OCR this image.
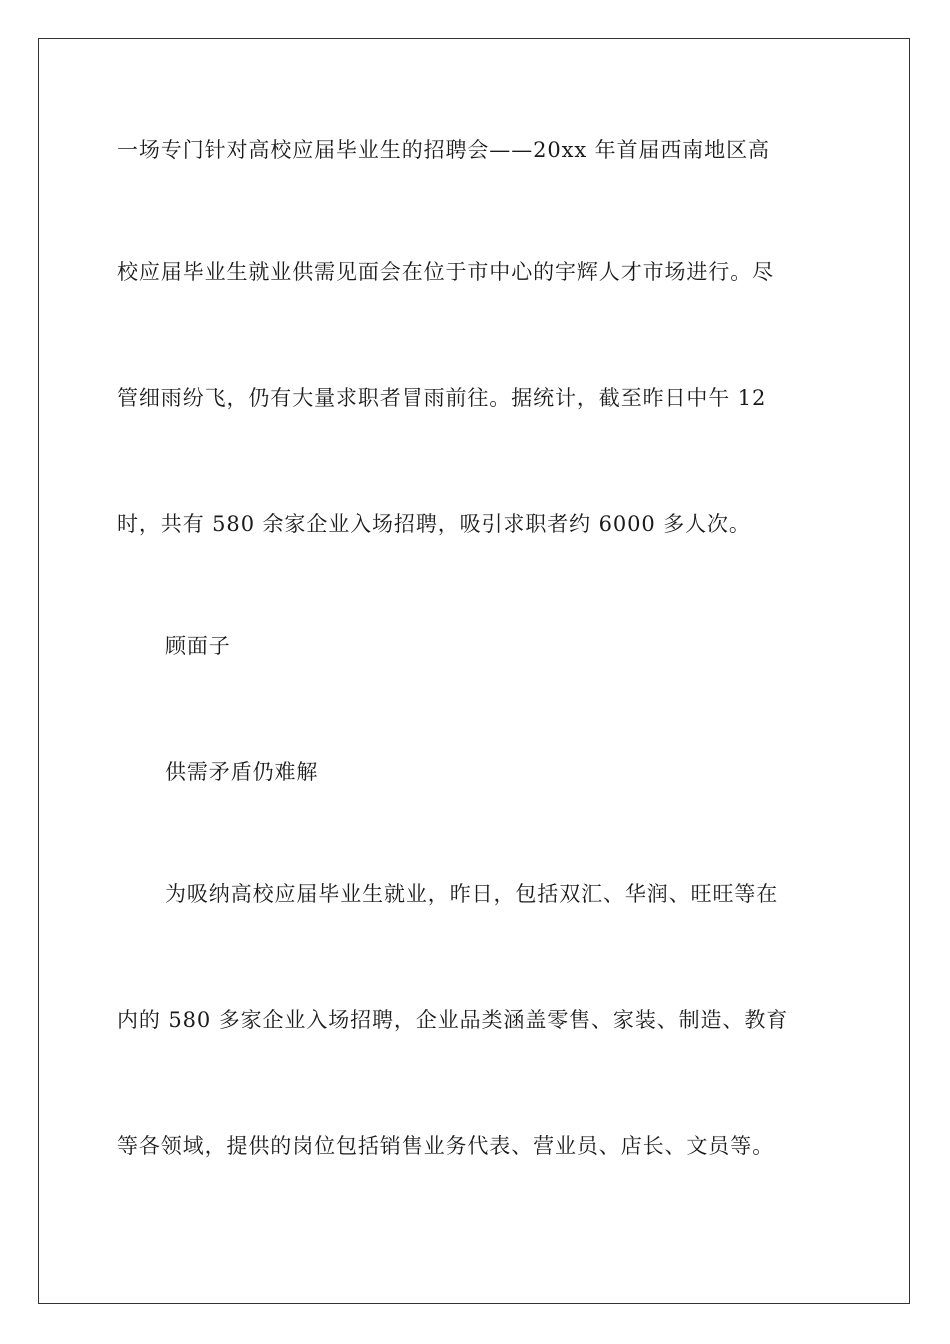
一场专门针对高校应届毕业生的招聘会——20xx 年首届西南地区高
校应届毕业生就业供需见面会在位于市中心的宇辉人才市场进行。尽
管细雨纷飞，仍有大量求职者冒雨前往。据统计，截至昨日中午 12
时，共有 580 余家企业入场招聘，吸引求职者约 6000 多人次。
顾面子
供需矛盾仍难解
为吸纳高校应届毕业生就业，昨日，包括双汇、华润、旺旺等在
内的 580 多家企业入场招聘，企业品类涵盖零售、家装、制造、教育
等各领域，提供的岗位包括销售业务代表、营业员、店长、文员等。
